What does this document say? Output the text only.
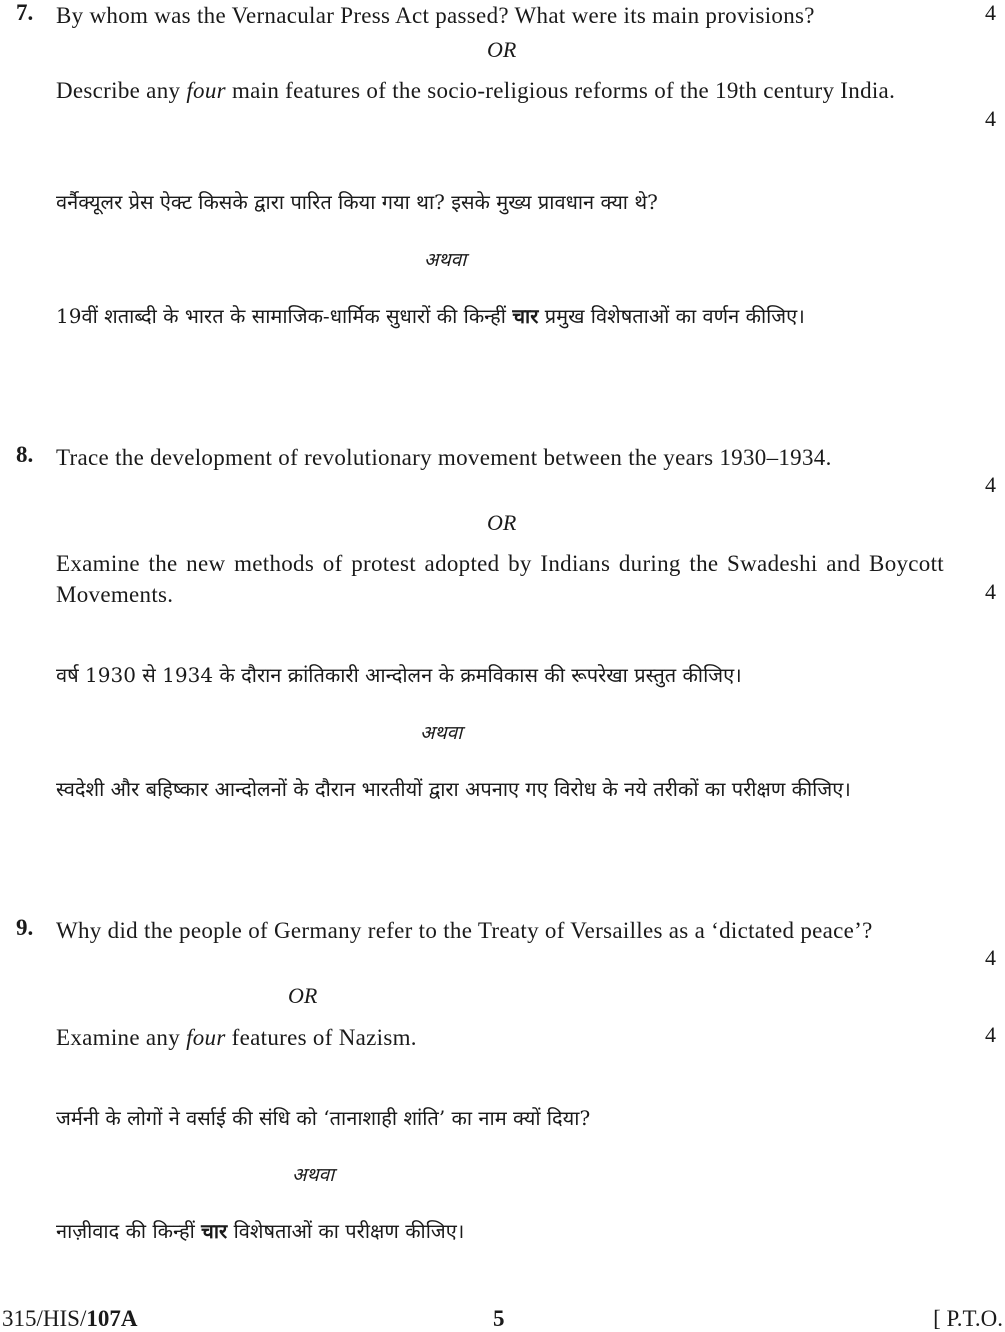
7. By whom was the Vernacular Press Act passed? What were its main provisions?	4
OR
Describe any four main features of the socio-religious reforms of the 19th century India.
4
वर्नैक्यूलर प्रेस ऐक्ट किसके द्वारा पारित किया गया था? इसके मुख्य प्रावधान क्या थे?
अथवा
19वीं शताब्दी के भारत के सामाजिक-धार्मिक सुधारों की किन्हीं चार प्रमुख विशेषताओं का वर्णन कीजिए।
8. Trace the development of revolutionary movement between the years 1930–1934.
4
OR
Examine the new methods of protest adopted by Indians during the Swadeshi and Boycott Movements.	4
वर्ष 1930 से 1934 के दौरान क्रांतिकारी आन्दोलन के क्रमविकास की रूपरेखा प्रस्तुत कीजिए।
अथवा
स्वदेशी और बहिष्कार आन्दोलनों के दौरान भारतीयों द्वारा अपनाए गए विरोध के नये तरीकों का परीक्षण कीजिए।
9. Why did the people of Germany refer to the Treaty of Versailles as a ‘dictated peace’?
4
OR
Examine any four features of Nazism.	4
जर्मनी के लोगों ने वर्साई की संधि को ‘तानाशाही शांति’ का नाम क्यों दिया?
अथवा
नाज़ीवाद की किन्हीं चार विशेषताओं का परीक्षण कीजिए।
315/HIS/107A	5	[ P.T.O.
